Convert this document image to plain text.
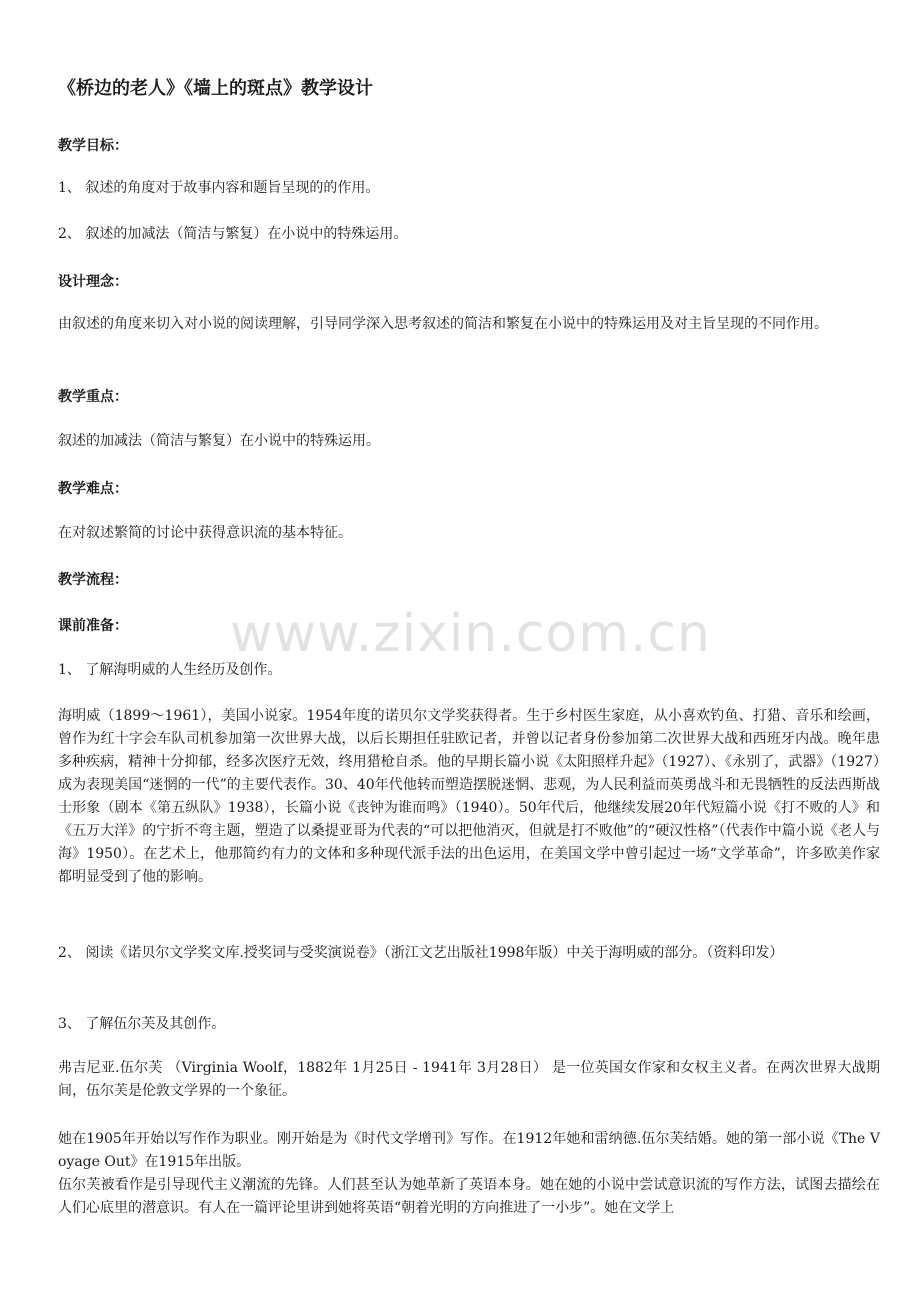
《桥边的老人》《墙上的斑点》教学设计
教学目标：
1、 叙述的角度对于故事内容和题旨呈现的的作用。
2、 叙述的加减法（简洁与繁复）在小说中的特殊运用。
设计理念：
由叙述的角度来切入对小说的阅读理解，引导同学深入思考叙述的简洁和繁复在小说中的特殊运用及对主旨呈现的不同作用。
教学重点：
叙述的加减法（简洁与繁复）在小说中的特殊运用。
教学难点：
在对叙述繁简的讨论中获得意识流的基本特征。
教学流程：
课前准备：
1、 了解海明威的人生经历及创作。
海明威（1899～1961），美国小说家。1954年度的诺贝尔文学奖获得者。生于乡村医生家庭，从小喜欢钓鱼、打猎、音乐和绘画，曾作为红十字会车队司机参加第一次世界大战，以后长期担任驻欧记者，并曾以记者身份参加第二次世界大战和西班牙内战。晚年患多种疾病，精神十分抑郁，经多次医疗无效，终用猎枪自杀。他的早期长篇小说《太阳照样升起》（1927）、《永别了，武器》（1927）成为表现美国“迷惘的一代”的主要代表作。30、40年代他转而塑造摆脱迷惘、悲观，为人民利益而英勇战斗和无畏牺牲的反法西斯战士形象（剧本《第五纵队》1938），长篇小说《丧钟为谁而鸣》（1940）。50年代后，他继续发展20年代短篇小说《打不败的人》和《五万大洋》的宁折不弯主题，塑造了以桑提亚哥为代表的“可以把他消灭，但就是打不败他”的“硬汉性格”（代表作中篇小说《老人与海》1950）。在艺术上，他那简约有力的文体和多种现代派手法的出色运用，在美国文学中曾引起过一场“文学革命”，许多欧美作家都明显受到了他的影响。
2、 阅读《诺贝尔文学奖文库.授奖词与受奖演说卷》（浙江文艺出版社1998年版）中关于海明威的部分。（资料印发）
3、 了解伍尔芙及其创作。
弗吉尼亚.伍尔芙 （Virginia Woolf，1882年 1月25日 - 1941年 3月28日） 是一位英国女作家和女权主义者。在两次世界大战期间，伍尔芙是伦敦文学界的一个象征。
她在1905年开始以写作作为职业。刚开始是为《时代文学增刊》写作。在1912年她和雷纳德.伍尔芙结婚。她的第一部小说《The Voyage Out》在1915年出版。
伍尔芙被看作是引导现代主义潮流的先锋。人们甚至认为她革新了英语本身。她在她的小说中尝试意识流的写作方法，试图去描绘在人们心底里的潜意识。有人在一篇评论里讲到她将英语“朝着光明的方向推进了一小步”。她在文学上
www.zixin.com.cn
